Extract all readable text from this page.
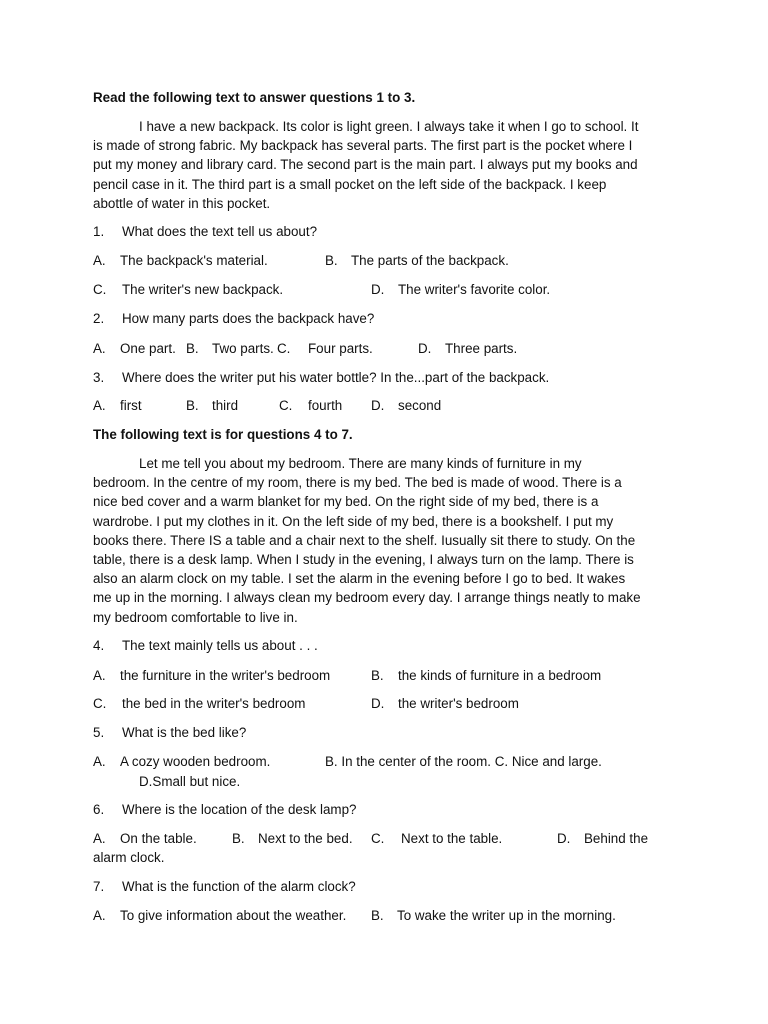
Read the following text to answer questions 1 to 3.
I have a new backpack. Its color is light green. I always take it when I go to school. It
is made of strong fabric. My backpack has several parts. The first part is the pocket where I
put my money and library card. The second part is the main part. I always put my books and
pencil case in it. The third part is a small pocket on the left side of the backpack. I keep
abottle of water in this pocket.
1. What does the text tell us about?
A. The backpack's material.	B. The parts of the backpack.
C. The writer's new backpack.	D. The writer's favorite color.
2. How many parts does the backpack have?
A. One part. B. Two parts. C. Four parts.	D. Three parts.
3. Where does the writer put his water bottle? In the...part of the backpack.
A. first	B. third	C. fourth D. second
The following text is for questions 4 to 7.
Let me tell you about my bedroom. There are many kinds of furniture in my
bedroom. In the centre of my room, there is my bed. The bed is made of wood. There is a
nice bed cover and a warm blanket for my bed. On the right side of my bed, there is a
wardrobe. I put my clothes in it. On the left side of my bed, there is a bookshelf. I put my
books there. There IS a table and a chair next to the shelf. Iusually sit there to study. On the
table, there is a desk lamp. When I study in the evening, I always turn on the lamp. There is
also an alarm clock on my table. I set the alarm in the evening before I go to bed. It wakes
me up in the morning. I always clean my bedroom every day. I arrange things neatly to make
my bedroom comfortable to live in.
4. The text mainly tells us about . . .
A. the furniture in the writer's bedroom	B. the kinds of furniture in a bedroom
C. the bed in the writer's bedroom	D. the writer's bedroom
5. What is the bed like?
A. A cozy wooden bedroom.	B. In the center of the room. C. Nice and large.
D.Small but nice.
6. Where is the location of the desk lamp?
A. On the table.	B. Next to the bed. C. Next to the table.	D. Behind the
alarm clock.
7. What is the function of the alarm clock?
A. To give information about the weather. B. To wake the writer up in the morning.
